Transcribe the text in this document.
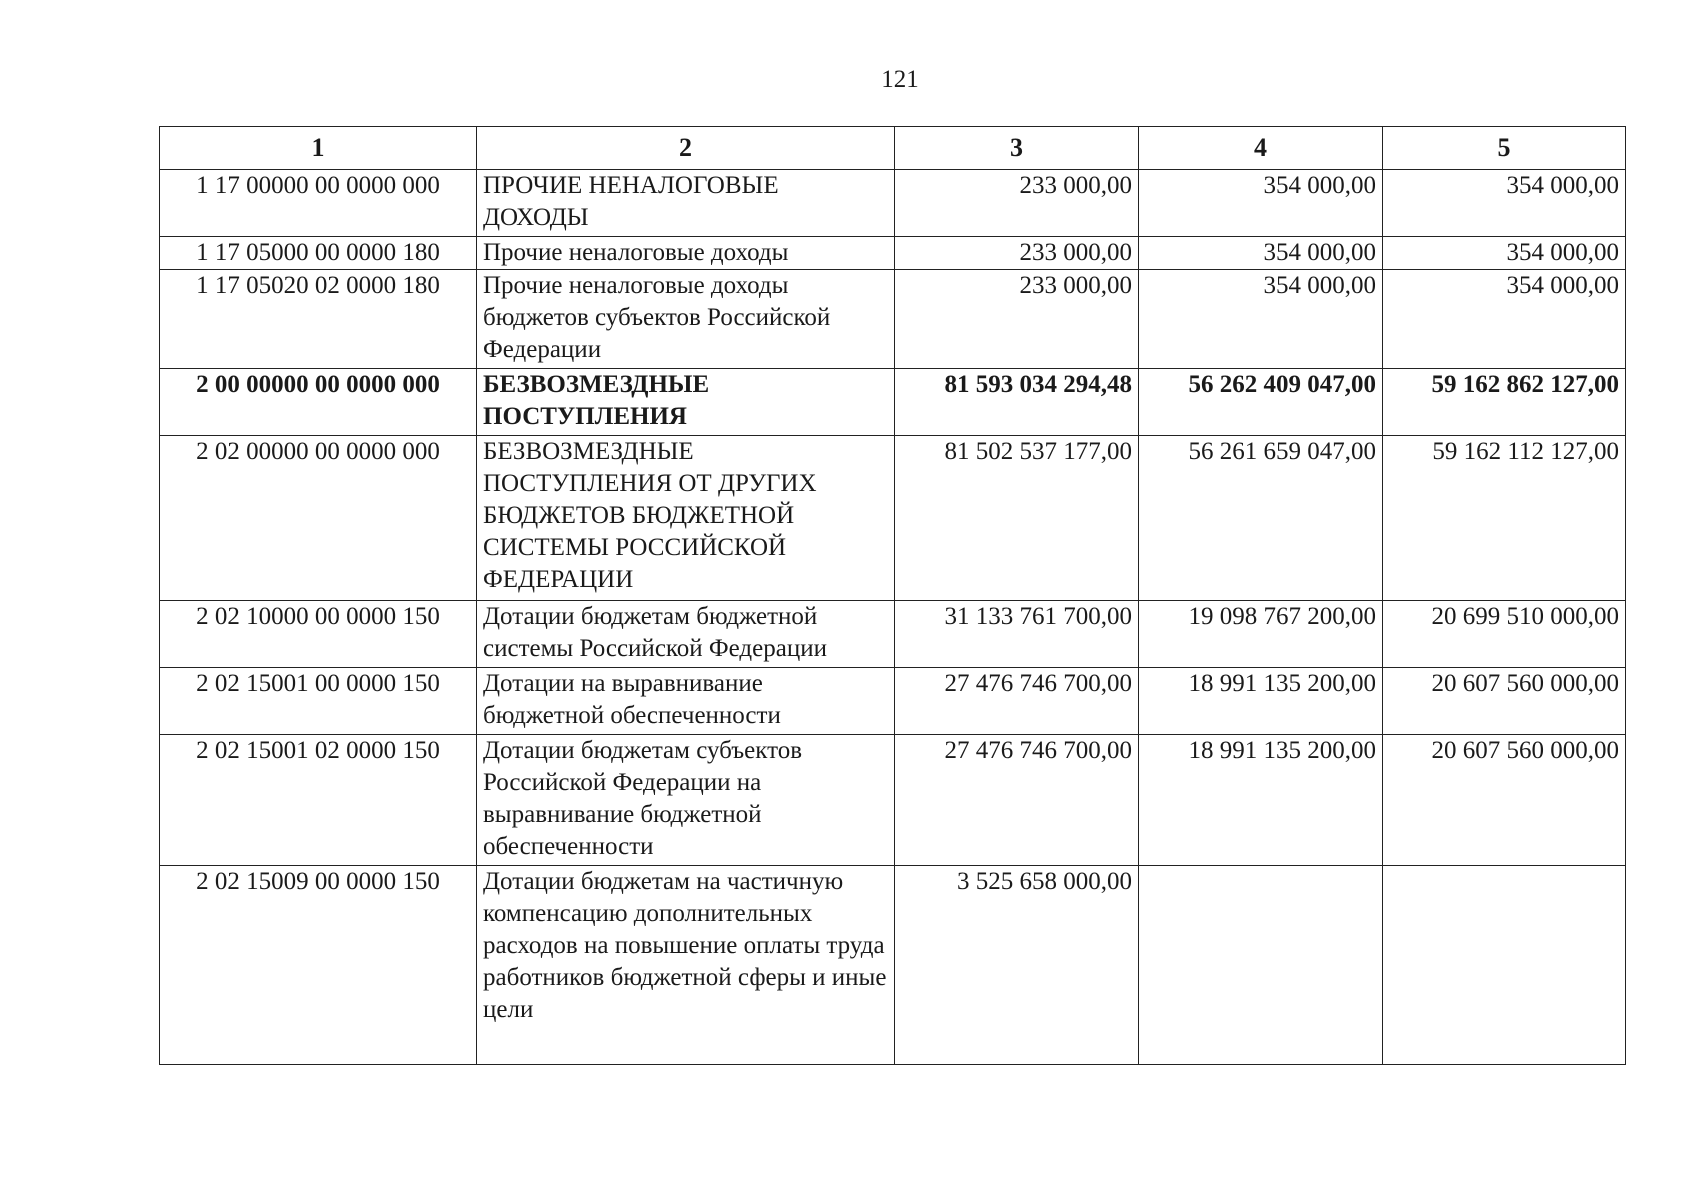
121
1	2	3	4	5
1 17 00000 00 0000 000	ПРОЧИЕ НЕНАЛОГОВЫЕ ДОХОДЫ	233 000,00	354 000,00	354 000,00
1 17 05000 00 0000 180	Прочие неналоговые доходы	233 000,00	354 000,00	354 000,00
1 17 05020 02 0000 180	Прочие неналоговые доходы бюджетов субъектов Российской Федерации	233 000,00	354 000,00	354 000,00
2 00 00000 00 0000 000	БЕЗВОЗМЕЗДНЫЕ ПОСТУПЛЕНИЯ	81 593 034 294,48	56 262 409 047,00	59 162 862 127,00
2 02 00000 00 0000 000	БЕЗВОЗМЕЗДНЫЕ ПОСТУПЛЕНИЯ ОТ ДРУГИХ БЮДЖЕТОВ БЮДЖЕТНОЙ СИСТЕМЫ РОССИЙСКОЙ ФЕДЕРАЦИИ	81 502 537 177,00	56 261 659 047,00	59 162 112 127,00
2 02 10000 00 0000 150	Дотации бюджетам бюджетной системы Российской Федерации	31 133 761 700,00	19 098 767 200,00	20 699 510 000,00
2 02 15001 00 0000 150	Дотации на выравнивание бюджетной обеспеченности	27 476 746 700,00	18 991 135 200,00	20 607 560 000,00
2 02 15001 02 0000 150	Дотации бюджетам субъектов Российской Федерации на выравнивание бюджетной обеспеченности	27 476 746 700,00	18 991 135 200,00	20 607 560 000,00
2 02 15009 00 0000 150	Дотации бюджетам на частичную компенсацию дополнительных расходов на повышение оплаты труда работников бюджетной сферы и иные цели	3 525 658 000,00		
